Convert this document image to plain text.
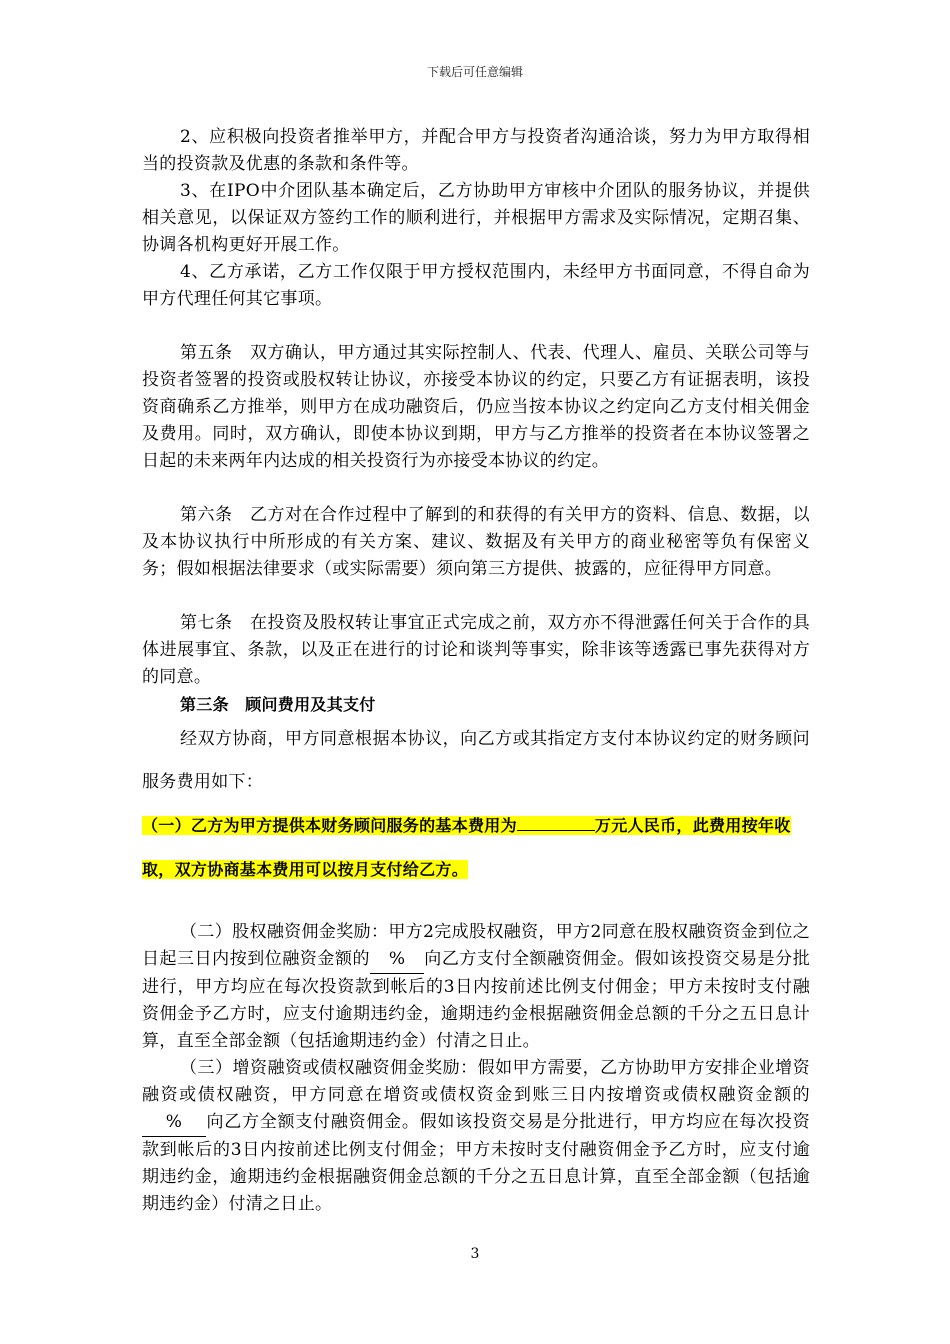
下载后可任意编辑

2、应积极向投资者推举甲方，并配合甲方与投资者沟通洽谈，努力为甲方取得相当的投资款及优惠的条款和条件等。

3、在IPO中介团队基本确定后，乙方协助甲方审核中介团队的服务协议，并提供相关意见，以保证双方签约工作的顺利进行，并根据甲方需求及实际情况，定期召集、协调各机构更好开展工作。

4、乙方承诺，乙方工作仅限于甲方授权范围内，未经甲方书面同意，不得自命为甲方代理任何其它事项。

第五条　双方确认，甲方通过其实际控制人、代表、代理人、雇员、关联公司等与投资者签署的投资或股权转让协议，亦接受本协议的约定，只要乙方有证据表明，该投资商确系乙方推举，则甲方在成功融资后，仍应当按本协议之约定向乙方支付相关佣金及费用。同时，双方确认，即使本协议到期，甲方与乙方推举的投资者在本协议签署之日起的未来两年内达成的相关投资行为亦接受本协议的约定。

第六条　乙方对在合作过程中了解到的和获得的有关甲方的资料、信息、数据，以及本协议执行中所形成的有关方案、建议、数据及有关甲方的商业秘密等负有保密义务；假如根据法律要求（或实际需要）须向第三方提供、披露的，应征得甲方同意。

第七条　在投资及股权转让事宜正式完成之前，双方亦不得泄露任何关于合作的具体进展事宜、条款，以及正在进行的讨论和谈判等事实，除非该等透露已事先获得对方的同意。

第三条　顾问费用及其支付

经双方协商，甲方同意根据本协议，向乙方或其指定方支付本协议约定的财务顾问服务费用如下：

（一）乙方为甲方提供本财务顾问服务的基本费用为	万元人民币，此费用按年收取，双方协商基本费用可以按月支付给乙方。

（二）股权融资佣金奖励：甲方2完成股权融资，甲方2同意在股权融资资金到位之日起三日内按到位融资金额的 % 向乙方支付全额融资佣金。假如该投资交易是分批进行，甲方均应在每次投资款到帐后的3日内按前述比例支付佣金；甲方未按时支付融资佣金予乙方时，应支付逾期违约金，逾期违约金根据融资佣金总额的千分之五日息计算，直至全部金额（包括逾期违约金）付清之日止。

（三）增资融资或债权融资佣金奖励：假如甲方需要，乙方协助甲方安排企业增资融资或债权融资，甲方同意在增资或债权资金到账三日内按增资或债权融资金额的% 向乙方全额支付融资佣金。假如该投资交易是分批进行，甲方均应在每次投资款到帐后的3日内按前述比例支付佣金；甲方未按时支付融资佣金予乙方时，应支付逾期违约金，逾期违约金根据融资佣金总额的千分之五日息计算，直至全部金额（包括逾期违约金）付清之日止。

3
